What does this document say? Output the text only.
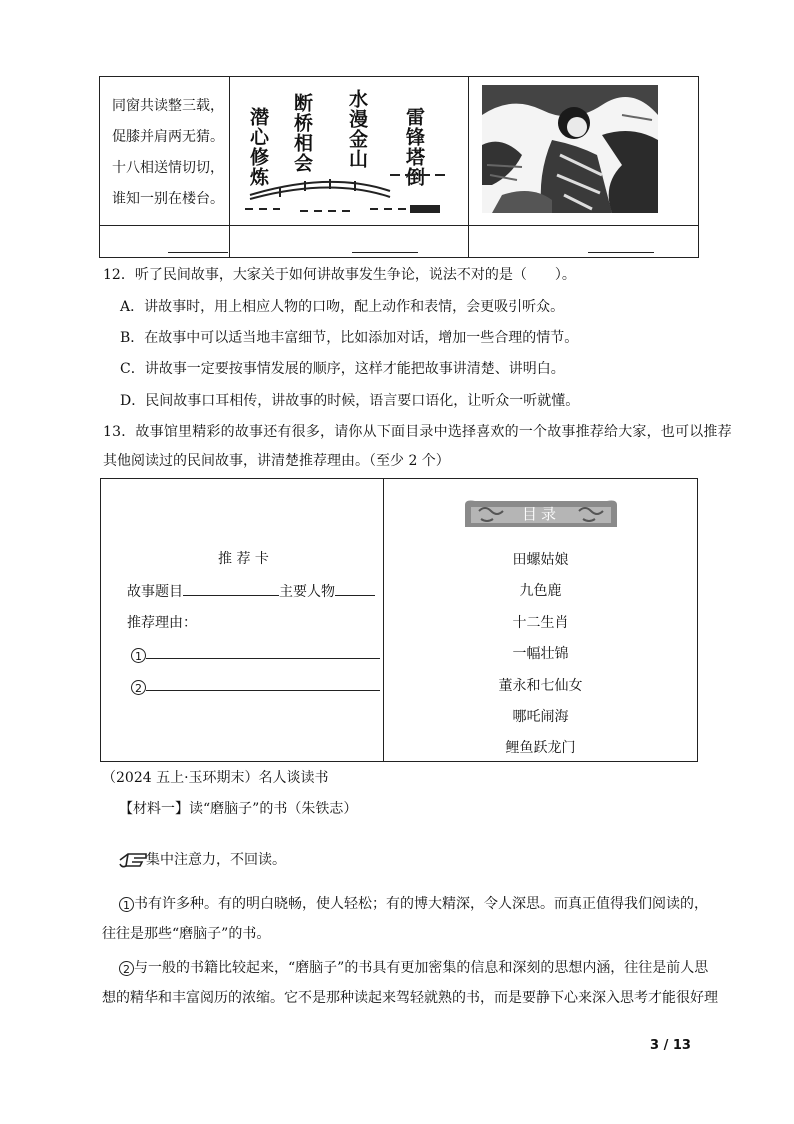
同窗共读整三载，
促膝并肩两无猜。
十八相送情切切，
谁知一别在楼台。
雷锋塔倒
水漫金山
断桥相会
潜心修炼
12．听了民间故事，大家关于如何讲故事发生争论，说法不对的是（　　）。
A．讲故事时，用上相应人物的口吻，配上动作和表情，会更吸引听众。
B．在故事中可以适当地丰富细节，比如添加对话，增加一些合理的情节。
C．讲故事一定要按事情发展的顺序，这样才能把故事讲清楚、讲明白。
D．民间故事口耳相传，讲故事的时候，语言要口语化，让听众一听就懂。
13．故事馆里精彩的故事还有很多，请你从下面目录中选择喜欢的一个故事推荐给大家，也可以推荐
其他阅读过的民间故事，讲清楚推荐理由。（至少 2 个）
推 荐 卡
故事题目	主要人物
推荐理由：
1
2
目录
田螺姑娘
九色鹿
十二生肖
一幅壮锦
董永和七仙女
哪吒闹海
鲤鱼跃龙门
（2024 五上·玉环期末）名人谈读书
【材料一】读“磨脑子”的书（朱铁志）
集中注意力，不回读。
1 书有许多种。有的明白晓畅，使人轻松；有的博大精深，令人深思。而真正值得我们阅读的，
往往是那些“磨脑子”的书。
2 与一般的书籍比较起来，“磨脑子”的书具有更加密集的信息和深刻的思想内涵，往往是前人思
想的精华和丰富阅历的浓缩。它不是那种读起来驾轻就熟的书，而是要静下心来深入思考才能很好理
3 / 13
